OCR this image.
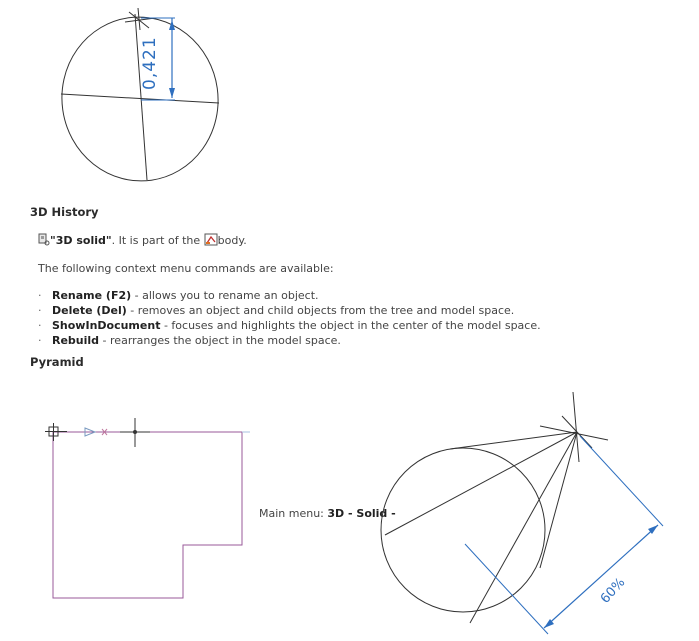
0,421
3D History
"3D solid". It is part of the body.
The following context menu commands are available:
· Rename (F2) - allows you to rename an object.
· Delete (Del) - removes an object and child objects from the tree and model space.
· ShowInDocument - focuses and highlights the object in the center of the model space.
· Rebuild - rearranges the object in the model space.
Pyramid
Main menu: 3D - Solid -
60%
